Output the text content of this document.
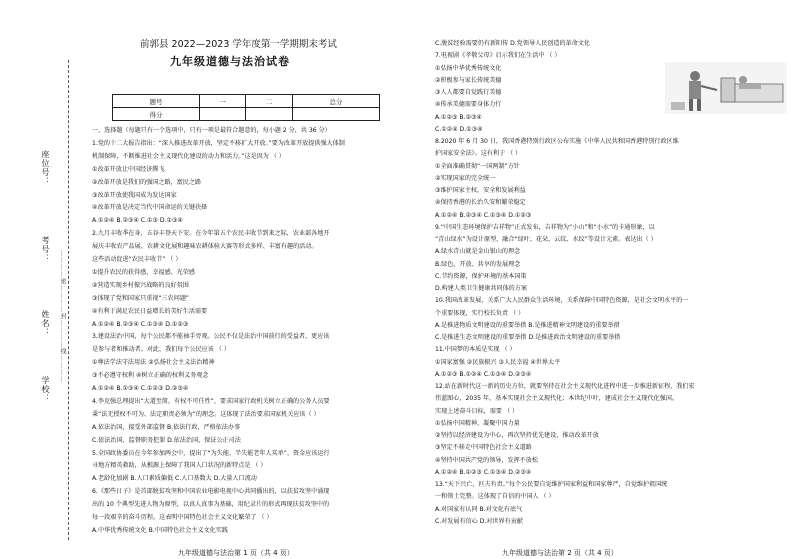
学校：
姓名：
考号：
座位号：
…………密…………封…………线…………
前郭县 2022—2023 学年度第一学期期末考试
九年级道德与法治试卷
题号	一	二	总分
得分			
一、选择题（每题只有一个选项中，只有一项是最符合题意的，每小题 2 分，共 36 分）
1.党的十二大报告指出：“深入推进改革开放，坚定不移扩大开放。”要为改革开放提供强大体制
机制保障，不断推进社会主义现代化建设的动力和活力。”这是因为 （ ）
①改革开放让中国经济腾飞
②改革开放是我们的强国之路，富民之路
③改革开放使我国成为发达国家
④改革开放是决定当代中国命运的关键抉择
A.①②④ B.②③④ C.①③ D.①③④
2.九月丰收季在身，五谷丰登天下安。在今年第五个农民丰收节到来之际，农业部各地开
展庆丰收农产品展、农耕文化展和趣味农耕体验大赛等形式多样、丰富有趣的活动。
这些活动促进“农民丰收节” （ ）
①提升农民的获得感、幸福感、光荣感
②营造实现乡村振兴战略的良好氛围
③体现了党和国家只重视“三农问题”
④有利于满足农民日益增长的美好生活需要
A.①②④ B.②③④ C.①③④ D.①②③
3.建设法治中国，每个公民都不能袖手旁观。公民不仅是法治中国前行的受益者，更应该
是参与者和推动者。对此，我们每个公民应该 （ ）
①尊法学法守法用法 ②弘扬社会主义法治精神
③不必遵守权利 ④树立正确的权利义务观念
A.①②④ B.①③④ C.①②③ D.②③④
4.李克强总理提出“大道至简，有权不可任性”，要求国家行政机关树立正确的公务人员要
秉“法无授权不可为、法定职责必须为”的理念。这体现了法治要求国家机关应该（ ）
A.依法治国，接受外部监督 B.依法行政，严格依法办事
C.依法治国，监督职务犯罪 D.依法治国，保证公正司法
5.全国政协委员在今年参加两会中，提出了“为失能、半失能老年人买单”，资金应该运行
寻地方精英救助，从根源上保障了我国人口状况的新特点是 （ ）
A.老龄化加剧 B.人口素质偏低 C.人口基数大 D.大量人口流动
6.《那些日子》是首部脱贫攻坚和中国农业电影电视中心共同播出的，以扶贫攻坚中涌现
出的 10 个典型先进人物为原型，以真人真事为基础，用纪录片的形式再现扶贫攻坚中的
每一段艰辛的奋斗历程。这表明中国特色社会主义文化繁荣了 （ ）
A.中华优秀传统文化 B.中国特色社会主义文化实践
九年级道德与法治第 1 页（共 4 页）
C.脱贫经验需要仍有新阳传 D.党领导人民创造的革命文化
7.电视剧《孝敬父母》启示我们在生活中 （ ）
①弘扬中华优秀传统文化
②积极参与家长传统美德
③人人都要自觉践行美德
④传承美德需要身体力行
A.①②③ B.②③④
C.①②④ D.①③④
8.2020 年 6 月 30 日，我国香港特别行政区公布实施《中华人民共和国香港特别行政区维
护国家安全法》。这有利于 （ ）
①全面准确贯彻“一国两制”方针
②实现国家的完全统一
③维护国家主权，安全和发展利益
④保持香港的长治久安和繁荣稳定
A.①②④ B.②③④ C.①③④ D.①②③
9.“中国生态环境保护吉祥物”正式发布，吉祥物为“小山”和“小水”的卡通形象，以
“青山绿水”为设计原型，融合“绿叶、花朵、云纹、水纹”等设计元素。表达出（ ）
A.绿水青山就是金山银山的理念
B.绿色、开放、共享的发展理念
C.节约资源，保护环境的基本国策
D.构建人类卫生健康共同体的方案
10.我国改革发展，关系广大人民群众生活环境，关系保障中国特色资源，是社会文明水平的一
个重要体现，实行校长负责 （ ）
A.是推进物质文明建设的重要举措 B.是推进精神文明建设的重要举措
C.是推进生态文明建设的重要举措 D.是推进政治文明建设的重要举措
11.中国梦的本质是实现 （ ）
①国家富强 ②民族振兴 ③人民幸福 ④世界太平
A.①②③ B.①②④ C.①③④ D.②③④
12.站在新时代这一新的历史方位，就要坚持在社会主义现代化进程中进一步推进新征程，我们宏
伟蓝图心，2035 年，基本实现社会主义现代化；本世纪中叶，建成社会主义现代化强国。
实现上述奋斗目标，需要 （ ）
①弘扬中国精神，凝聚中国力量
②坚持以经济建设为中心，再次坚持优先建设，推动改革开放
③坚定不移走中国特色社会主义道路
④坚持中国共产党的领导，发挥不放松
A.①②④ B.①②③ C.①③④ D.②③④
13.“天下兴亡，匹夫有责。”每个公民要自觉维护国家利益和国家尊严，自觉维护祖国统
一和领土完整。这体现了自信的中国人 （ ）
A.对国家有认同 B.对文化有底气
C.对发展有信心 D.对世界有贡献
九年级道德与法治第 2 页（共 4 页）
